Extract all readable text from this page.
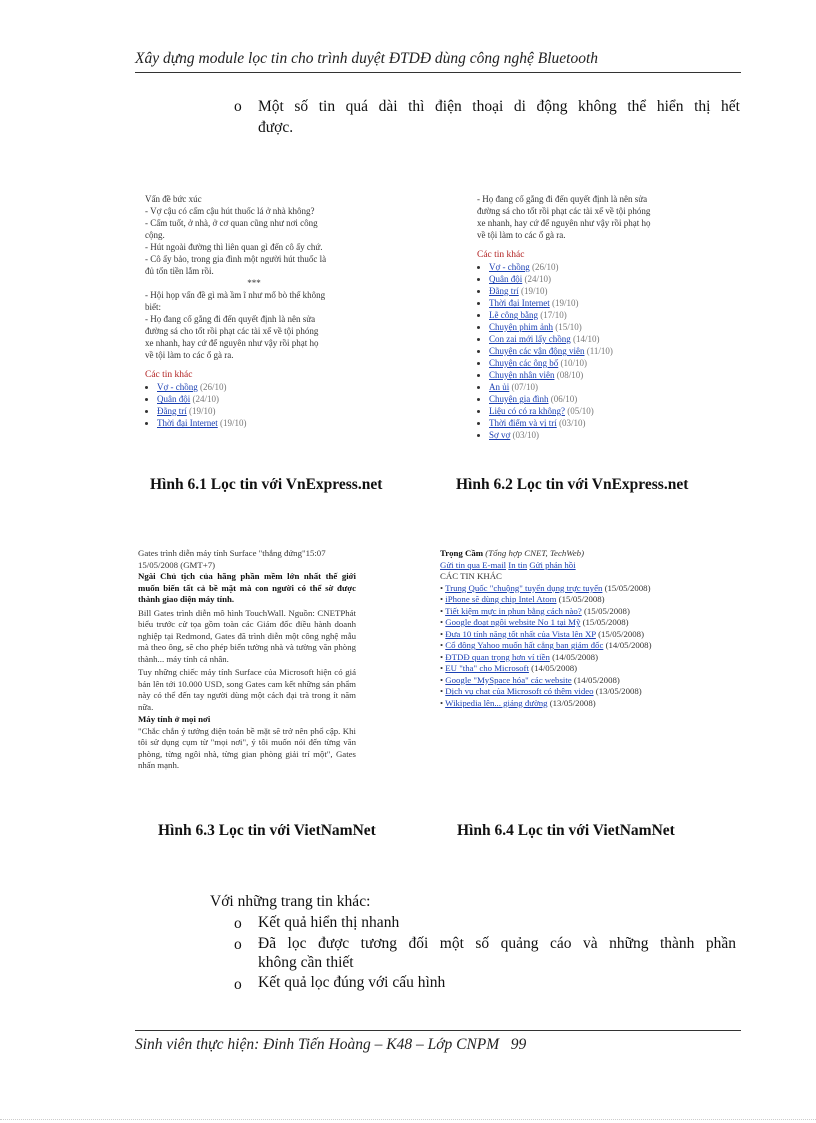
Xây dựng module lọc tin cho trình duyệt ĐTDĐ dùng công nghệ Bluetooth
o Một số tin quá dài thì điện thoại di động không thể hiển thị hết
được.
Vấn đề bức xúc
- Vợ cậu có cấm cậu hút thuốc lá ở nhà không?
- Cấm tuốt, ở nhà, ở cơ quan cũng như nơi công
cộng.
- Hút ngoài đường thì liên quan gì đến cô ấy chứ.
- Cô ấy bảo, trong gia đình một người hút thuốc là
đủ tốn tiền lắm rồi.
***
- Hội họp vấn đề gì mà ầm ĩ như mổ bò thế không
biết:
- Họ đang cố gắng đi đến quyết định là nên sửa
đường sá cho tốt rồi phạt các tài xế về tội phóng
xe nhanh, hay cứ để nguyên như vậy rồi phạt họ
về tội làm to các ổ gà ra.
Các tin khác
• Vợ - chồng (26/10)
• Quân đội (24/10)
• Đãng trí (19/10)
• Thời đại Internet (19/10)
Hình 6.1 Lọc tin với VnExpress.net
- Họ đang cố gắng đi đến quyết định là nên sửa
đường sá cho tốt rồi phạt các tài xế về tội phóng
xe nhanh, hay cứ để nguyên như vậy rồi phạt họ
về tội làm to các ổ gà ra.
Các tin khác
• Vợ - chồng (26/10)
• Quân đội (24/10)
• Đãng trí (19/10)
• Thời đại Internet (19/10)
• Lẽ công bằng (17/10)
• Chuyện phim ảnh (15/10)
• Con zai mới lấy chồng (14/10)
• Chuyện các vận động viên (11/10)
• Chuyện các ông bố (10/10)
• Chuyện nhân viên (08/10)
• An ủi (07/10)
• Chuyện gia đình (06/10)
• Liệu có có ra không? (05/10)
• Thời điểm và vị trí (03/10)
• Sợ vợ (03/10)
Hình 6.2 Lọc tin với VnExpress.net
Gates trình diễn máy tính Surface "thắng đứng"15:07 15/05/2008 (GMT+7)
Ngài Chủ tịch của hãng phần mềm lớn nhất thế giới muốn biến tất cả bề mặt mà con người có thể sờ được thành giao diện máy tính.
Bill Gates trình diễn mô hình TouchWall. Nguồn: CNETPhát biểu trước cử tọa gồm toàn các Giám đốc điều hành doanh nghiệp tại Redmond, Gates đã trình diễn một công nghệ mẫu mà theo ông, sẽ cho phép biến tường nhà và tường văn phòng thành... máy tính cá nhân.
Tuy những chiếc máy tính Surface của Microsoft hiện có giá bán lên tới 10.000 USD, song Gates cam kết những sản phẩm này có thể đến tay người dùng một cách đại trà trong ít năm nữa.
Máy tính ở mọi nơi
"Chắc chắn ý tưởng điện toán bề mặt sẽ trở nên phổ cập. Khi tôi sử dụng cụm từ "mọi nơi", ý tôi muốn nói đến từng văn phòng, từng ngôi nhà, từng gian phòng giải trí một", Gates nhấn mạnh.
Hình 6.3 Lọc tin với VietNamNet
Trọng Cầm (Tổng hợp CNET, TechWeb)
Gửi tin qua E-mail In tin Gửi phản hồi
CÁC TIN KHÁC
• Trung Quốc "chuộng" tuyển dụng trực tuyến (15/05/2008)
• iPhone sẽ dùng chip Intel Atom (15/05/2008)
• Tiết kiệm mực in phun bằng cách nào? (15/05/2008)
• Google đoạt ngôi website No 1 tại Mỹ (15/05/2008)
• Đưa 10 tính năng tốt nhất của Vista lên XP (15/05/2008)
• Cổ đông Yahoo muốn hất cẳng ban giám đốc (14/05/2008)
• ĐTDĐ quan trọng hơn ví tiền (14/05/2008)
• EU "tha" cho Microsoft (14/05/2008)
• Google "MySpace hóa" các website (14/05/2008)
• Dịch vụ chat của Microsoft có thêm video (13/05/2008)
• Wikipedia lên... giảng đường (13/05/2008)
Hình 6.4 Lọc tin với VietNamNet
Với những trang tin khác:
o Kết quả hiển thị nhanh
o Đã lọc được tương đối một số quảng cáo và những thành phần
không cần thiết
o Kết quả lọc đúng với cấu hình
Sinh viên thực hiện: Đinh Tiến Hoàng – K48 – Lớp CNPM 99
